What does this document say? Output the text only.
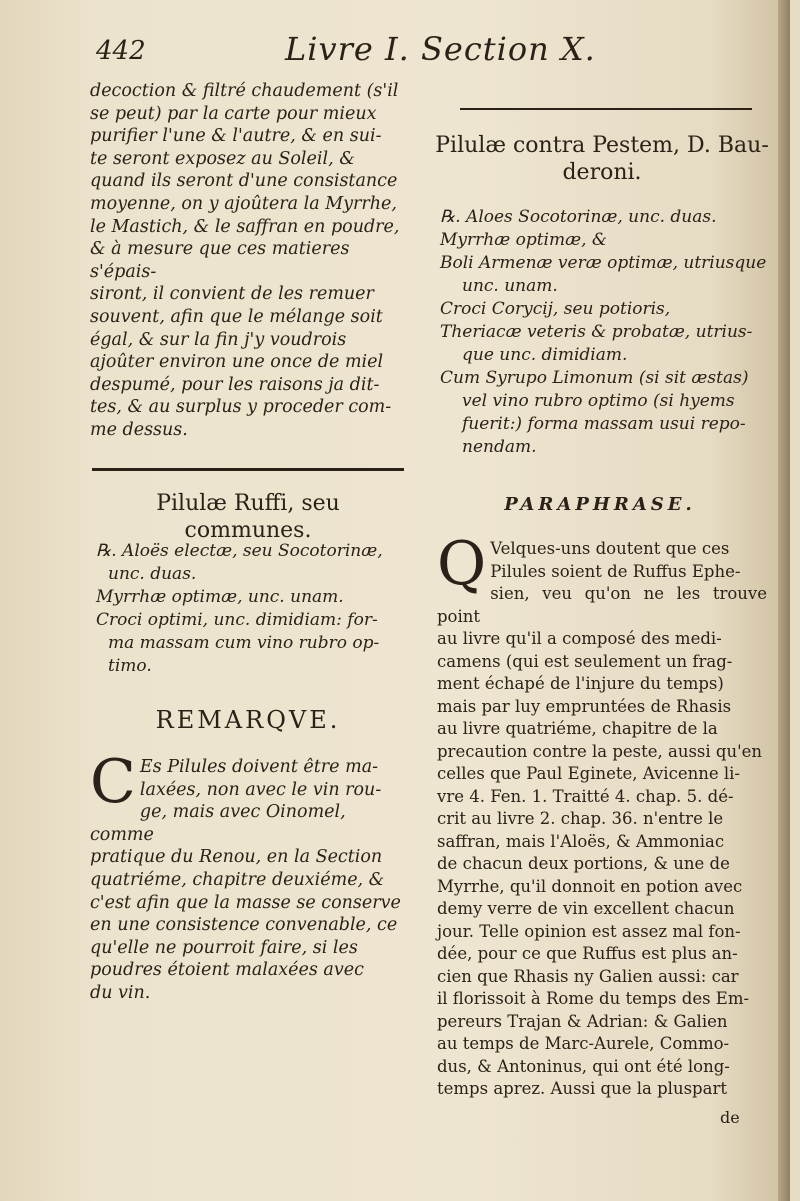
442	Livre I. Section X.

decoction & filtré chaudement (s'il

se peut) par la carte pour mieux

purifier l'une & l'autre, & en sui-

te seront exposez au Soleil, &

quand ils seront d'une consistance

moyenne, on y ajoûtera la Myrrhe,

le Mastich, & le saffran en poudre,

& à mesure que ces matieres s'épais-

siront, il convient de les remuer

souvent, afin que le mélange soit

égal, & sur la fin j'y voudrois

ajoûter environ une once de miel

despumé, pour les raisons ja dit-

tes, & au surplus y proceder com-

me dessus.

Pilulæ Ruffi, seu communes.

℞. Aloës electæ, seu Socotorinæ,

unc. duas.

Myrrhæ optimæ, unc. unam.

Croci optimi, unc. dimidiam: for-

ma massam cum vino rubro op-

timo.

REMARQVE.
C Es Pilules doivent être ma-

laxées, non avec le vin rou-

ge, mais avec Oinomel, comme

pratique du Renou, en la Section

quatriéme, chapitre deuxiéme, &

c'est afin que la masse se conserve

en une consistence convenable, ce

qu'elle ne pourroit faire, si les

poudres étoient malaxées avec

du vin.

Pilulæ contra Pestem, D. Bau-
deroni.

℞. Aloes Socotorinæ, unc. duas.

Myrrhæ optimæ, &

Boli Armenæ veræ optimæ, utriusque

unc. unam.

Croci Corycij, seu potioris,

Theriacæ veteris & probatæ, utrius-

que unc. dimidiam.

Cum Syrupo Limonum (si sit æstas)

vel vino rubro optimo (si hyems

fuerit:) forma massam usui repo-

nendam.

PARAPHRASE.
Q Velques-uns doutent que ces

Pilules soient de Ruffus Ephe-

sien, veu qu'on ne les trouve point

au livre qu'il a composé des medi-

camens (qui est seulement un frag-

ment échapé de l'injure du temps)

mais par luy empruntées de Rhasis

au livre quatriéme, chapitre de la

precaution contre la peste, aussi qu'en

celles que Paul Eginete, Avicenne li-

vre 4. Fen. 1. Traitté 4. chap. 5. dé-

crit au livre 2. chap. 36. n'entre le

saffran, mais l'Aloës, & Ammoniac

de chacun deux portions, & une de

Myrrhe, qu'il donnoit en potion avec

demy verre de vin excellent chacun

jour. Telle opinion est assez mal fon-

dée, pour ce que Ruffus est plus an-

cien que Rhasis ny Galien aussi: car

il florissoit à Rome du temps des Em-

pereurs Trajan & Adrian: & Galien

au temps de Marc-Aurele, Commo-

dus, & Antoninus, qui ont été long-

temps aprez. Aussi que la pluspart

de
